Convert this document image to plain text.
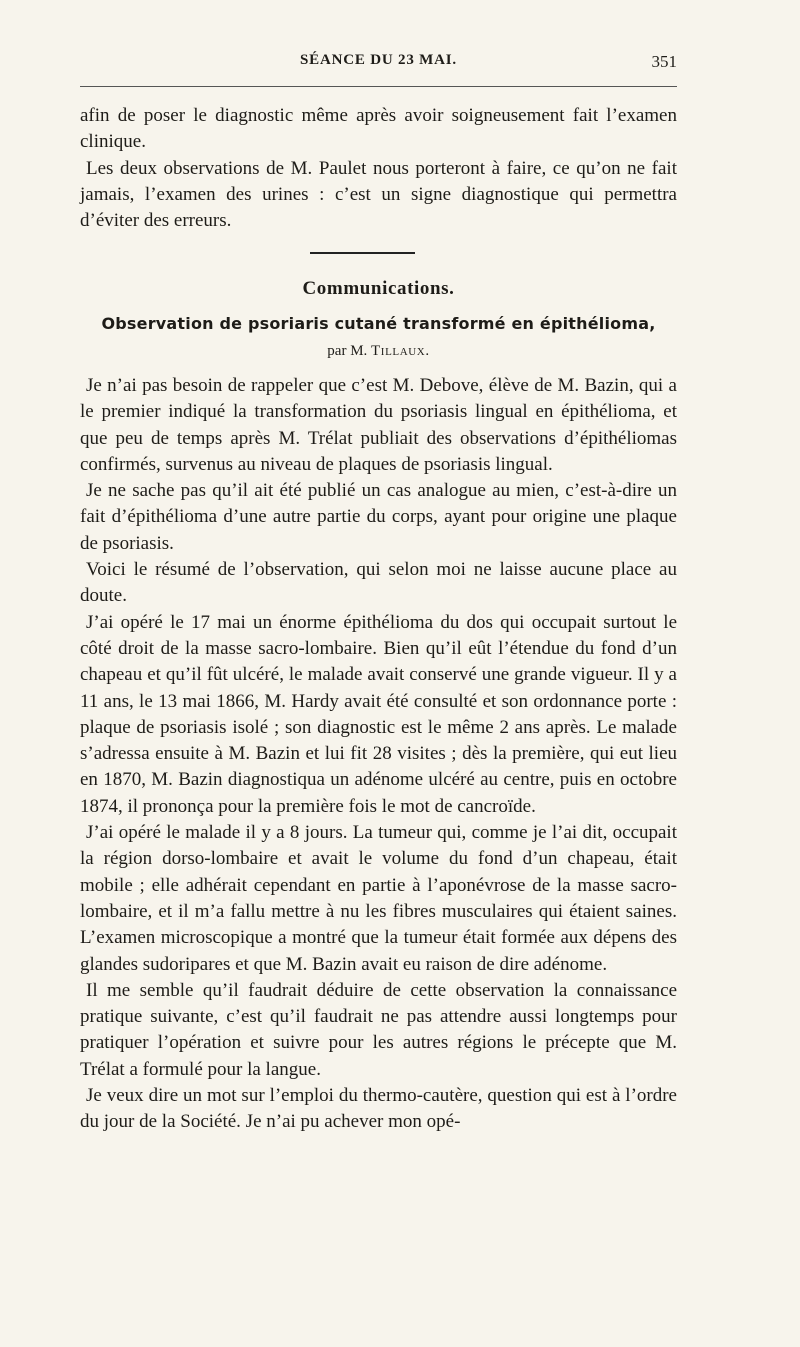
SÉANCE DU 23 MAI.	351

afin de poser le diagnostic même après avoir soigneusement fait l’examen clinique.

Les deux observations de M. Paulet nous porteront à faire, ce qu’on ne fait jamais, l’examen des urines : c’est un signe diagnostique qui permettra d’éviter des erreurs.

Communications.
Observation de psoriaris cutané transformé en épithélioma,
par M. Tillaux.

Je n’ai pas besoin de rappeler que c’est M. Debove, élève de M. Bazin, qui a le premier indiqué la transformation du psoriasis lingual en épithélioma, et que peu de temps après M. Trélat publiait des observations d’épithéliomas confirmés, survenus au niveau de plaques de psoriasis lingual.

Je ne sache pas qu’il ait été publié un cas analogue au mien, c’est-à-dire un fait d’épithélioma d’une autre partie du corps, ayant pour origine une plaque de psoriasis.

Voici le résumé de l’observation, qui selon moi ne laisse aucune place au doute.

J’ai opéré le 17 mai un énorme épithélioma du dos qui occupait surtout le côté droit de la masse sacro-lombaire. Bien qu’il eût l’étendue du fond d’un chapeau et qu’il fût ulcéré, le malade avait conservé une grande vigueur. Il y a 11 ans, le 13 mai 1866, M. Hardy avait été consulté et son ordonnance porte : plaque de psoriasis isolé ; son diagnostic est le même 2 ans après. Le malade s’adressa ensuite à M. Bazin et lui fit 28 visites ; dès la première, qui eut lieu en 1870, M. Bazin diagnostiqua un adénome ulcéré au centre, puis en octobre 1874, il prononça pour la première fois le mot de cancroïde.

J’ai opéré le malade il y a 8 jours. La tumeur qui, comme je l’ai dit, occupait la région dorso-lombaire et avait le volume du fond d’un chapeau, était mobile ; elle adhérait cependant en partie à l’aponévrose de la masse sacro-lombaire, et il m’a fallu mettre à nu les fibres musculaires qui étaient saines. L’examen microscopique a montré que la tumeur était formée aux dépens des glandes sudoripares et que M. Bazin avait eu raison de dire adénome.

Il me semble qu’il faudrait déduire de cette observation la connaissance pratique suivante, c’est qu’il faudrait ne pas attendre aussi longtemps pour pratiquer l’opération et suivre pour les autres régions le précepte que M. Trélat a formulé pour la langue.

Je veux dire un mot sur l’emploi du thermo-cautère, question qui est à l’ordre du jour de la Société. Je n’ai pu achever mon opé-
